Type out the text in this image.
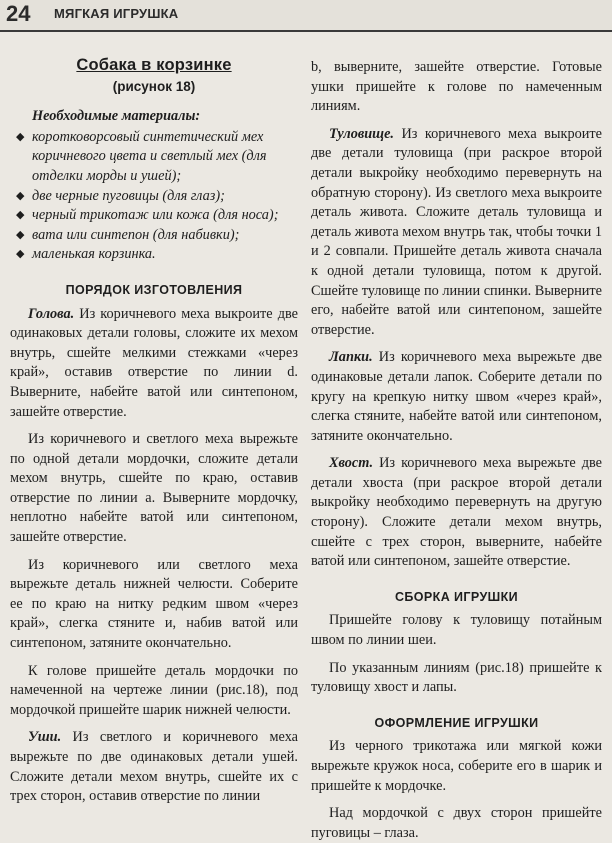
24 МЯГКАЯ ИГРУШКА
Собака в корзинке
(рисунок 18)
Необходимые материалы:
◆ коротковорсовый синтетический мех коричневого цвета и светлый мех (для отделки морды и ушей);
◆ две черные пуговицы (для глаз);
◆ черный трикотаж или кожа (для носа);
◆ вата или синтепон (для набивки);
◆ маленькая корзинка.
ПОРЯДОК ИЗГОТОВЛЕНИЯ

Голова. Из коричневого меха выкроите две одинаковых детали головы, сложите их мехом внутрь, сшейте мелкими стежками «через край», оставив отверстие по линии d. Выверните, набейте ватой или синтепоном, зашейте отверстие.

Из коричневого и светлого меха вырежьте по одной детали мордочки, сложите детали мехом внутрь, сшейте по краю, оставив отверстие по линии a. Выверните мордочку, неплотно набейте ватой или синтепоном, зашейте отверстие.

Из коричневого или светлого меха вырежьте деталь нижней челюсти. Соберите ее по краю на нитку редким швом «через край», слегка стяните и, набив ватой или синтепоном, затяните окончательно.

К голове пришейте деталь мордочки по намеченной на чертеже линии (рис.18), под мордочкой пришейте шарик нижней челюсти.

Уши. Из светлого и коричневого меха вырежьте по две одинаковых детали ушей. Сложите детали мехом внутрь, сшейте их с трех сторон, оставив отверстие по линии

b, выверните, зашейте отверстие. Готовые ушки пришейте к голове по намеченным линиям.

Туловище. Из коричневого меха выкроите две детали туловища (при раскрое второй детали выкройку необходимо перевернуть на обратную сторону). Из светлого меха выкроите деталь живота. Сложите деталь туловища и деталь живота мехом внутрь так, чтобы точки 1 и 2 совпали. Пришейте деталь живота сначала к одной детали туловища, потом к другой. Сшейте туловище по линии спинки. Выверните его, набейте ватой или синтепоном, зашейте отверстие.

Лапки. Из коричневого меха вырежьте две одинаковые детали лапок. Соберите детали по кругу на крепкую нитку швом «через край», слегка стяните, набейте ватой или синтепоном, затяните окончательно.

Хвост. Из коричневого меха вырежьте две детали хвоста (при раскрое второй детали выкройку необходимо перевернуть на другую сторону). Сложите детали мехом внутрь, сшейте с трех сторон, выверните, набейте ватой или синтепоном, зашейте отверстие.

СБОРКА ИГРУШКИ

Пришейте голову к туловищу потайным швом по линии шеи.

По указанным линиям (рис.18) пришейте к туловищу хвост и лапы.

ОФОРМЛЕНИЕ ИГРУШКИ

Из черного трикотажа или мягкой кожи вырежьте кружок носа, соберите его в шарик и пришейте к мордочке.

Над мордочкой с двух сторон пришейте пуговицы – глаза.
